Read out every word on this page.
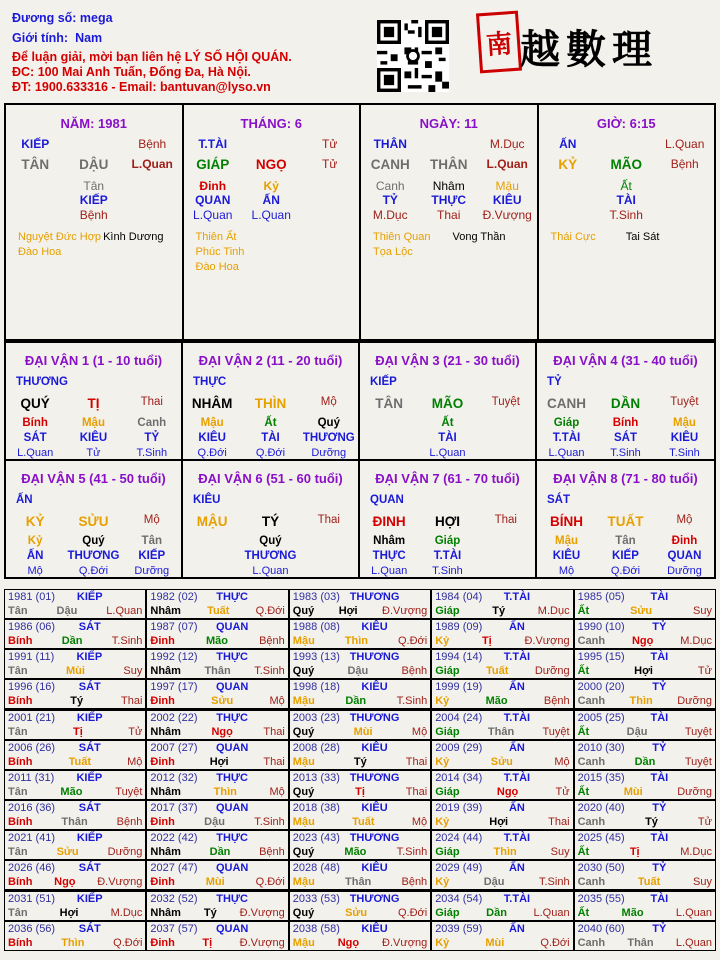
Đương số: mega
Giới tính: Nam
Để luận giải, mời bạn liên hệ LÝ SỐ HỘI QUÁN.
ĐC: 100 Mai Anh Tuấn, Đống Đa, Hà Nội.
ĐT: 1900.633316 - Email: bantuvan@lyso.vn
南 越數理
NĂM: 1981
KIẾP	Bệnh
TÂN	DẬU	L.Quan
Tân
KIẾP
Bệnh
Nguyệt Đức Hợp Kình Dương
Đào Hoa
THÁNG: 6
T.TÀI	Tử
GIÁP	NGỌ	Tử
Đinh	Kỷ
QUAN	ẤN
L.Quan	L.Quan
Thiên Ất
Phúc Tinh
Đào Hoa
NGÀY: 11
THÂN	M.Dục
CANH	THÂN	L.Quan
Canh	Nhâm	Mậu
TỶ	THỰC	KIÊU
M.Dục	Thai	Đ.Vượng
Thiên Quan Vong Thần
Tọa Lộc
GIỜ: 6:15
ẤN	L.Quan
KỶ	MÃO	Bệnh
Ất
TÀI
T.Sinh
Thái Cực	Tai Sát
ĐẠI VẬN 1 (1 - 10 tuổi)
THƯƠNG
QUÝ	TỊ	Thai
Bính	Mậu	Canh
SÁT	KIÊU	TỶ
L.Quan	Tử	T.Sinh
ĐẠI VẬN 2 (11 - 20 tuổi)
THỰC
NHÂM	THÌN	Mộ
Mậu	Ất	Quý
KIÊU	TÀI	THƯƠNG
Q.Đới	Q.Đới	Dưỡng
ĐẠI VẬN 3 (21 - 30 tuổi)
KIẾP
TÂN	MÃO	Tuyệt
Ất
TÀI
L.Quan
ĐẠI VẬN 4 (31 - 40 tuổi)
TỶ
CANH	DẦN	Tuyệt
Giáp	Bính	Mậu
T.TÀI	SÁT	KIÊU
L.Quan	T.Sinh	T.Sinh
ĐẠI VẬN 5 (41 - 50 tuổi)
ẤN
KỶ	SỬU	Mộ
Kỷ	Quý	Tân
ẤN	THƯƠNG	KIẾP
Mộ	Q.Đới	Dưỡng
ĐẠI VẬN 6 (51 - 60 tuổi)
KIÊU
MẬU	TÝ	Thai
Quý
THƯƠNG
L.Quan
ĐẠI VẬN 7 (61 - 70 tuổi)
QUAN
ĐINH	HỢI	Thai
Nhâm	Giáp
THỰC	T.TÀI
L.Quan	T.Sinh
ĐẠI VẬN 8 (71 - 80 tuổi)
SÁT
BÍNH	TUẤT	Mộ
Mậu	Tân	Đinh
KIÊU	KIẾP	QUAN
Mộ	Q.Đới	Dưỡng
1981 (01) KIẾP
Tân	Dậu	L.Quan
1982 (02) THỰC
Nhâm Tuất Q.Đới
1983 (03) THƯƠNG
Quý Hợi Đ.Vượng
1984 (04) T.TÀI
Giáp	Tý	M.Dục
1985 (05) TÀI
Ất	Sửu	Suy
1986 (06) SÁT
Bính	Dần	T.Sinh
1987 (07) QUAN
Đinh	Mão	Bệnh
1988 (08) KIÊU
Mậu	Thìn	Q.Đới
1989 (09) ẤN
Kỷ	Tị	Đ.Vượng
1990 (10)	TỶ
Canh Ngọ M.Dục
1991 (11) KIẾP
Tân	Mùi	Suy
1992 (12) THỰC
Nhâm Thân T.Sinh
1993 (13) THƯƠNG
Quý	Dậu	Bệnh
1994 (14) T.TÀI
Giáp Tuất Dưỡng
1995 (15) TÀI
Ất	Hợi	Tử
1996 (16) SÁT
Bính	Tý	Thai
1997 (17) QUAN
Đinh	Sửu	Mộ
1998 (18) KIÊU
Mậu	Dần	T.Sinh
1999 (19) ẤN
Kỷ	Mão	Bệnh
2000 (20)	TỶ
Canh Thìn Dưỡng
2001 (21) KIẾP
Tân	Tị	Tử
2002 (22) THỰC
Nhâm	Ngọ	Thai
2003 (23) THƯƠNG
Quý	Mùi	Mộ
2004 (24) T.TÀI
Giáp	Thân	Tuyệt
2005 (25) TÀI
Ất	Dậu	Tuyệt
2006 (26) SÁT
Bính	Tuất	Mộ
2007 (27) QUAN
Đinh	Hợi	Thai
2008 (28) KIÊU
Mậu	Tý	Thai
2009 (29) ẤN
Kỷ	Sửu	Mộ
2010 (30)	TỶ
Canh	Dần	Tuyệt
2011 (31) KIẾP
Tân	Mão	Tuyệt
2012 (32) THỰC
Nhâm	Thìn	Mộ
2013 (33) THƯƠNG
Quý	Tị	Thai
2014 (34) T.TÀI
Giáp	Ngọ	Tử
2015 (35) TÀI
Ất	Mùi	Dưỡng
2016 (36) SÁT
Bính	Thân	Bệnh
2017 (37) QUAN
Đinh	Dậu	T.Sinh
2018 (38) KIÊU
Mậu	Tuất	Mộ
2019 (39) ẤN
Kỷ	Hợi	Thai
2020 (40)	TỶ
Canh	Tý	Tử
2021 (41) KIẾP
Tân	Sửu	Dưỡng
2022 (42) THỰC
Nhâm	Dần	Bệnh
2023 (43) THƯƠNG
Quý	Mão	T.Sinh
2024 (44) T.TÀI
Giáp	Thìn	Suy
2025 (45) TÀI
Ất	Tị	M.Dục
2026 (46) SÁT
Bính Ngọ Đ.Vượng
2027 (47) QUAN
Đinh	Mùi	Q.Đới
2028 (48) KIÊU
Mậu	Thân	Bệnh
2029 (49) ẤN
Kỷ	Dậu	T.Sinh
2030 (50)	TỶ
Canh	Tuất	Suy
2031 (51) KIẾP
Tân	Hợi	M.Dục
2032 (52) THỰC
Nhâm Tý Đ.Vượng
2033 (53) THƯƠNG
Quý	Sửu	Q.Đới
2034 (54) T.TÀI
Giáp Dần L.Quan
2035 (55) TÀI
Ất	Mão	L.Quan
2036 (56) SÁT
Bính	Thìn	Q.Đới
2037 (57) QUAN
Đinh	Tị	Đ.Vượng
2038 (58) KIÊU
Mậu Ngọ Đ.Vượng
2039 (59) ẤN
Kỷ	Mùi	Q.Đới
2040 (60)	TỶ
Canh Thân L.Quan
